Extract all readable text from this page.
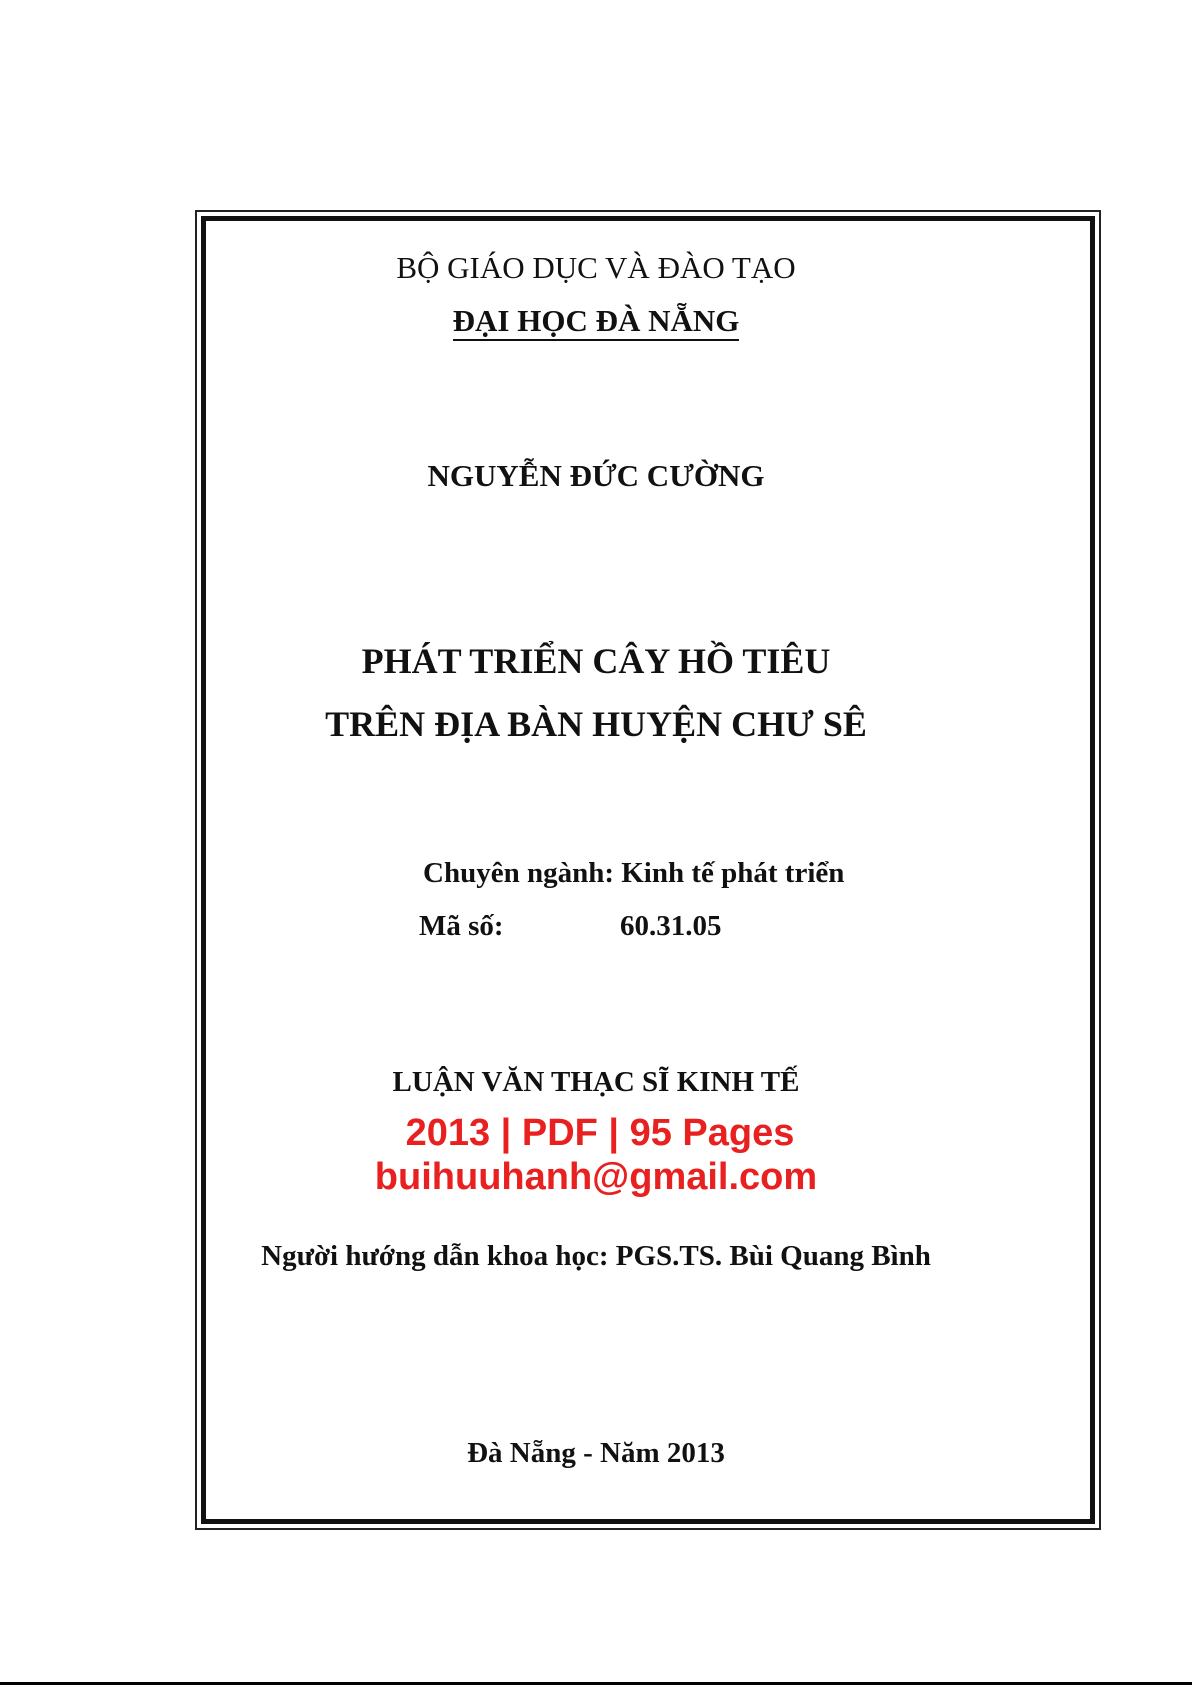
BỘ GIÁO DỤC VÀ ĐÀO TẠO
ĐẠI HỌC ĐÀ NẴNG
NGUYỄN ĐỨC CƯỜNG
PHÁT TRIỂN CÂY HỒ TIÊU
TRÊN ĐỊA BÀN HUYỆN CHƯ SÊ
Chuyên ngành: Kinh tế phát triển
Mã số:	60.31.05
LUẬN VĂN THẠC SĨ KINH TẾ
2013 | PDF | 95 Pages
buihuuhanh@gmail.com
Người hướng dẫn khoa học: PGS.TS. Bùi Quang Bình
Đà Nẵng - Năm 2013
